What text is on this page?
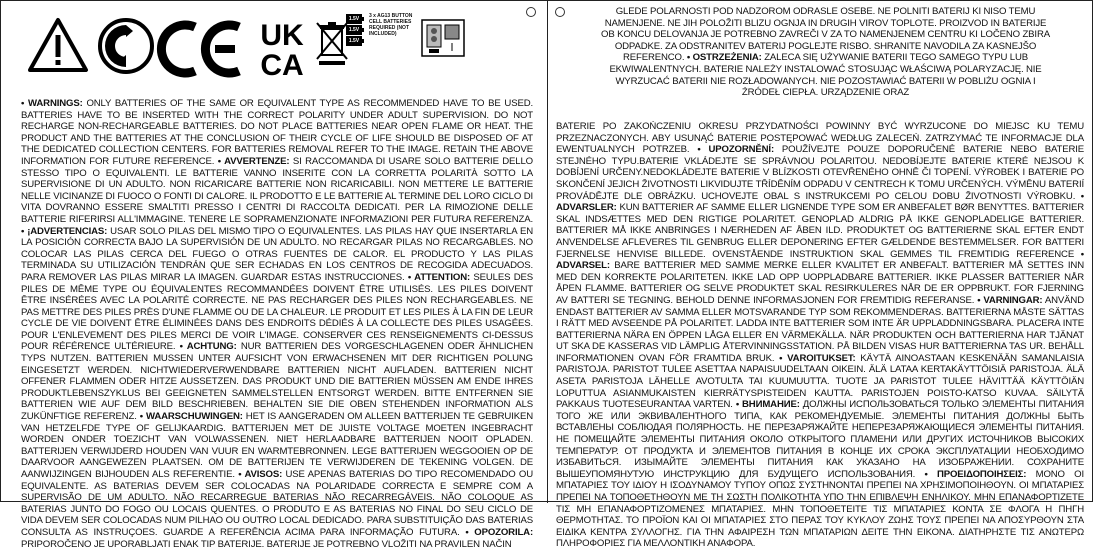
UK
CA
1.5V
1.5V
1.5V
3 x AG13 BUTTON CELL BATTERIES REQUIRED (NOT INCLUDED)
• WARNINGS: ONLY BATTERIES OF THE SAME OR EQUIVALENT TYPE AS RECOMMENDED HAVE TO BE USED. BATTERIES HAVE TO BE INSERTED WITH THE CORRECT POLARITY UNDER ADULT SUPERVISION. DO NOT RECHARGE NON-RECHARGEABLE BATTERIES. DO NOT PLACE BATTERIES NEAR OPEN FLAME OR HEAT. THE PRODUCT AND THE BATTERIES AT THE CONCLUSION OF THEIR CYCLE OF LIFE SHOULD BE DISPOSED OF AT THE DEDICATED COLLECTION CENTERS. FOR BATTERIES REMOVAL REFER TO THE IMAGE. RETAIN THE ABOVE INFORMATION FOR FUTURE REFERENCE. • AVVERTENZE: SI RACCOMANDA DI USARE SOLO BATTERIE DELLO STESSO TIPO O EQUIVALENTI. LE BATTERIE VANNO INSERITE CON LA CORRETTA POLARITÀ SOTTO LA SUPERVISIONE DI UN ADULTO. NON RICARICARE BATTERIE NON RICARICABILI. NON METTERE LE BATTERIE NELLE VICINANZE DI FUOCO O FONTI DI CALORE. IL PRODOTTO E LE BATTERIE AL TERMINE DEL LORO CICLO DI VITA DOVRANNO ESSERE SMALTITI PRESSO I CENTRI DI RACCOLTA DEDICATI. PER LA RIMOZIONE DELLE BATTERIE RIFERIRSI ALL'IMMAGINE. TENERE LE SOPRAMENZIONATE INFORMAZIONI PER FUTURA REFERENZA. • ¡ADVERTENCIAS: USAR SOLO PILAS DEL MISMO TIPO O EQUIVALENTES. LAS PILAS HAY QUE INSERTARLA EN LA POSICIÓN CORRECTA BAJO LA SUPERVISIÓN DE UN ADULTO. NO RECARGAR PILAS NO RECARGABLES. NO COLOCAR LAS PILAS CERCA DEL FUEGO O OTRAS FUENTES DE CALOR. EL PRODUCTO Y LAS PILAS TERMINADA SU UTILIZACIÓN TENDRÁN QUE SER ECHADAS EN LOS CENTROS DE RECOGIDA ADECUADOS. PARA REMOVER LAS PILAS MIRAR LA IMAGEN. GUARDAR ESTAS INSTRUCCIONES. • ATTENTION: SEULES DES PILES DE MÊME TYPE OU ÉQUIVALENTES RECOMMANDÉES DOIVENT ÊTRE UTILISÉS. LES PILES DOIVENT ÊTRE INSÉRÉES AVEC LA POLARITÉ CORRECTE. NE PAS RECHARGER DES PILES NON RECHARGEABLES. NE PAS METTRE DES PILES PRÈS D'UNE FLAMME OU DE LA CHALEUR. LE PRODUIT ET LES PILES À LA FIN DE LEUR CYCLE DE VIE DOIVENT ÊTRE ÉLIMINÉES DANS DES ENDROITS DÉDIÉS À LA COLLECTE DES PILES USAGÉES. POUR L'ENLEVEMENT DES PILES MERCI DE VOIR L'IMAGE. CONSERVER CES RENSEIGNEMENTS CI-DESSUS POUR RÉFÉRENCE ULTÉRIEURE. • ACHTUNG: NUR BATTERIEN DES VORGESCHLAGENEN ODER ÄHNLICHEN TYPS NUTZEN. BATTERIEN MUSSEN UNTER AUFSICHT VON ERWACHSENEN MIT DER RICHTIGEN POLUNG EINGESETZT WERDEN. NICHTWIEDERVERWENDBARE BATTERIEN NICHT AUFLADEN. BATTERIEN NICHT OFFENER FLAMMEN ODER HITZE AUSSETZEN. DAS PRODUKT UND DIE BATTERIEN MÜSSEN AM ENDE IHRES PRODUKTLEBENSZYKLUS BEI GEEIGNETEN SAMMELSTELLEN ENTSORGT WERDEN. BITTE ENTFERNEN SIE BATTERIEN WIE AUF DEM BILD BESCHRIEBEN. BEHALTEN SIE DIE OBEN STEHENDEN INFORMATION ALS ZUKÜNFTIGE REFERENZ. • WAARSCHUWINGEN: HET IS AANGERADEN OM ALLEEN BATTERIJEN TE GEBRUIKEN VAN HETZELFDE TYPE OF GELIJKAARDIG. BATTERIJEN MET DE JUISTE VOLTAGE MOETEN INGEBRACHT WORDEN ONDER TOEZICHT VAN VOLWASSENEN. NIET HERLAADBARE BATTERIJEN NOOIT OPLADEN. BATTERIJEN VERWIJDERD HOUDEN VAN VUUR EN WARMTEBRONNEN. LEGE BATTERIJEN WEGGOOIEN OP DE DAARVOOR AANGEWEZEN PLAATSEN. OM DE BATTERIJEN TE VERWIJDEREN DE TEKENING VOLGEN. DE AANWIJZINGEN BIJHOUDEN ALS REFERENTIE. • AVISOS: USE APENAS BATERIAS DO TIPO RECOMENDADO OU EQUIVALENTE. AS BATERIAS DEVEM SER COLOCADAS NA POLARIDADE CORRECTA E SEMPRE COM A SUPERVISÃO DE UM ADULTO. NÃO RECARREGUE BATERIAS NÃO RECARREGÁVEIS. NÃO COLOQUE AS BATERIAS JUNTO DO FOGO OU LOCAIS QUENTES. O PRODUTO E AS BATERIAS NO FINAL DO SEU CICLO DE VIDA DEVEM SER COLOCADAS NUM PILHAO OU OUTRO LOCAL DEDICADO. PARA SUBSTITUIÇÃO DAS BATERIAS CONSULTA AS INSTRUÇOES. GUARDE A REFERÊNCIA ACIMA PARA INFORMAÇÃO FUTURA. • OPOZORILA: PRIPOROČENO JE UPORABLJATI ENAK TIP BATERIJE. BATERIJE JE POTREBNO VLOŽITI NA PRAVILEN NAČIN
GLEDE POLARNOSTI POD NADZOROM ODRASLE OSEBE. NE POLNITI BATERIJ KI NISO TEMU NAMENJENE. NE JIH POLOŽITI BLIZU OGNJA IN DRUGIH VIROV TOPLOTE. PROIZVOD IN BATERIJE OB KONCU DELOVANJA JE POTREBNO ZAVREČI V ZA TO NAMENJENEM CENTRU KI LOČENO ZBIRA ODPADKE. ZA ODSTRANITEV BATERIJ POGLEJTE RISBO. SHRANITE NAVODILA ZA KASNEJŠO REFERENCO. • OSTRZEŻENIA: ZALECA SIĘ UŻYWANIE BATERII TEGO SAMEGO TYPU LUB EKWIWALENTNYCH. BATERIE NALEŻY INSTALOWAĆ STOSUJĄC WŁAŚCIWĄ POLARYZACJĘ. NIE WYRZUCAĆ BATERII NIE ROZŁADOWANYCH. NIE POZOSTAWIAĆ BATERII W POBLIŻU OGNIA I ŹRÓDEŁ CIEPŁA. URZĄDZENIE ORAZ
BATERIE PO ZAKOŃCZENIU OKRESU PRZYDATNOŚCI POWINNY BYĆ WYRZUCONE DO MIEJSC KU TEMU PRZEZNACZONYCH. ABY USUNĄĆ BATERIE POSTĘPOWAĆ WEDŁUG ZALECEŃ. ZATRZYMAĆ TE INFORMACJE DLA EWENTUALNYCH POTRZEB. • UPOZORNĚNÍ: POUŽÍVEJTE POUZE DOPORUČENÉ BATERIE NEBO BATERIE STEJNÉHO TYPU.BATERIE VKLÁDEJTE SE SPRÁVNOU POLARITOU. NEDOBÍJEJTE BATERIE KTERÉ NEJSOU K DOBÍJENÍ URČENY.NEDOKLÁDEJTE BATERIE V BLÍZKOSTI OTEVŘENÉHO OHNĚ ČI TOPENÍ. VÝROBEK I BATERIE PO SKONČENÍ JEJICH ŽIVOTNOSTI LIKVIDUJTE TŘÍDĚNÍM ODPADU V CENTRECH K TOMU URČENÝCH. VÝMĚNU BATERIÍ PROVÁDĚJTE DLE OBRÁZKU. UCHOVEJTE OBAL S INSTRUKCEMI PO CELOU DOBU ŽIVOTNOSTI VÝROBKU. • ADVARSLER: KUN BATTERIER AF SAMME ELLER LIGNENDE TYPE SOM ER ANBEFALET BØR BENYTTES. BATTERIER SKAL INDSÆTTES MED DEN RIGTIGE POLARITET. GENOPLAD ALDRIG PÅ IKKE GENOPLADELIGE BATTERIER. BATTERIER MÅ IKKE ANBRINGES I NÆRHEDEN AF ÅBEN ILD. PRODUKTET OG BATTERIERNE SKAL EFTER ENDT ANVENDELSE AFLEVERES TIL GENBRUG ELLER DEPONERING EFTER GÆLDENDE BESTEMMELSER. FOR BATTERI FJERNELSE HENVISE BILLEDE. OVENSTÅENDE INSTRUKTION SKAL GEMMES TIL FREMTIDIG REFERENCE • ADVARSEL: BARE BATTERIER MED SAMME MERKE ELLER KVALITET ER ANBEFALT. BATTERIER MÅ SETTES INN MED DEN KORREKTE POLARITETEN. IKKE LAD OPP UOPPLADBARE BATTERIER. IKKE PLASSER BATTERIER NÅR ÅPEN FLAMME. BATTERIER OG SELVE PRODUKTET SKAL RESIRKULERES NÅR DE ER OPPBRUKT. FOR FJERNING AV BATTERI SE TEGNING. BEHOLD DENNE INFORMASJONEN FOR FREMTIDIG REFERANSE. • VARNINGAR: ANVÄND ENDAST BATTERIER AV SAMMA ELLER MOTSVARANDE TYP SOM REKOMMENDERAS. BATTERIERNA MÅSTE SÄTTAS I RÄTT MED AVSEENDE PÅ POLARITET. LADDA INTE BATTERIER SOM INTE ÄR UPPLADDNINGSBARA. PLACERA INTE BATTERIERNA NÄRA EN ÖPPEN LÅGA ELLER EN VÄRMEKÄLLA. NÄR PRODUKTEN OCH BATTERIERNA HAR TJÄNAT UT SKA DE KASSERAS VID LÄMPLIG ÅTERVINNINGSSTATION. PÅ BILDEN VISAS HUR BATTERIERNA TAS UR. BEHÅLL INFORMATIONEN OVAN FÖR FRAMTIDA BRUK. • VAROITUKSET: KÄYTÄ AINOASTAAN KESKENÄÄN SAMANLAISIA PARISTOJA. PARISTOT TULEE ASETTAA NAPAISUUDELTAAN OIKEIN. ÄLÄ LATAA KERTAKÄYTTÖISIÄ PARISTOJA. ÄLÄ ASETA PARISTOJA LÄHELLE AVOTULTA TAI KUUMUUTTA. TUOTE JA PARISTOT TULEE HÄVITTÄÄ KÄYTTÖIÄN LOPUTTUA ASIANMUKAISTEN KIERRÄTYSPISTEIDEN KAUTTA. PARISTOJEN POISTO-KATSO KUVAA. SÄILYTÄ PAKKAUS TUOTESEURANTAA VARTEN. • ВНИМАНИЕ: ДОЛЖНЫ ИСПОЛЬЗОВАТЬСЯ ТОЛЬКО ЭЛЕМЕНТЫ ПИТАНИЯ ТОГО ЖЕ ИЛИ ЭКВИВАЛЕНТНОГО ТИПА, КАК РЕКОМЕНДУЕМЫЕ. ЭЛЕМЕНТЫ ПИТАНИЯ ДОЛЖНЫ БЫТЬ ВСТАВЛЕНЫ СОБЛЮДАЯ ПОЛЯРНОСТЬ. НЕ ПЕРЕЗАРЯЖАЙТЕ НЕПЕРЕЗАРЯЖАЮЩИЕСЯ ЭЛЕМЕНТЫ ПИТАНИЯ. НЕ ПОМЕЩАЙТЕ ЭЛЕМЕНТЫ ПИТАНИЯ ОКОЛО ОТКРЫТОГО ПЛАМЕНИ ИЛИ ДРУГИХ ИСТОЧНИКОВ ВЫСОКИХ ТЕМПЕРАТУР. ОТ ПРОДУКТА И ЭЛЕМЕНТОВ ПИТАНИЯ В КОНЦЕ ИХ СРОКА ЭКСПЛУАТАЦИИ НЕОБХОДИМО ИЗБАВИТЬСЯ. ИЗЫМАЙТЕ ЭЛЕМЕНТЫ ПИТАНИЯ КАК УКАЗАНО НА ИЗОБРАЖЕНИИ. СОХРАНИТЕ ВЫШЕУПОМЯНУТУЮ ИНСТРУКЦИЮ ДЛЯ БУДУЩЕГО ИСПОЛЬЗОВАНИЯ. • ΠΡΟΕΙΔΟΠΟΙΗΣΕΙΣ: ΜΟΝΟ ΟΙ ΜΠΑΤΑΡΙΕΣ ΤΟΥ ΙΔΙΟΥ Η ΙΣΟΔΥΝΑΜΟΥ ΤΥΠΟΥ ΟΠΩΣ ΣΥΣΤΗΝΟΝΤΑΙ ΠΡΕΠΕΙ ΝΑ ΧΡΗΣΙΜΟΠΟΙΗΘΟΥΝ. ΟΙ ΜΠΑΤΑΡΙΕΣ ΠΡΕΠΕΙ ΝΑ ΤΟΠΟΘΕΤΗΘΟΥΝ ΜΕ ΤΗ ΣΩΣΤΗ ΠΟΛΙΚΟΤΗΤΑ ΥΠΟ ΤΗΝ ΕΠΙΒΛΕΨΗ ΕΝΗΛΙΚΟΥ. ΜΗΝ ΕΠΑΝΑΦΟΡΤΙΖΕΤΕ ΤΙΣ ΜΗ ΕΠΑΝΑΦΟΡΤΙΖΟΜΕΝΕΣ ΜΠΑΤΑΡΙΕΣ. ΜΗΝ ΤΟΠΟΘΕΤΕΙΤΕ ΤΙΣ ΜΠΑΤΑΡΙΕΣ ΚΟΝΤΑ ΣΕ ΦΛΟΓΑ Η ΠΗΓΗ ΘΕΡΜΟΤΗΤΑΣ. ΤΟ ΠΡΟΪΟΝ ΚΑΙ ΟΙ ΜΠΑΤΑΡΙΕΣ ΣΤΟ ΠΕΡΑΣ ΤΟΥ ΚΥΚΛΟΥ ΖΩΗΣ ΤΟΥΣ ΠΡΕΠΕΙ ΝΑ ΑΠΟΣΥΡΘΟΥΝ ΣΤΑ ΕΙΔΙΚΑ ΚΕΝΤΡΑ ΣΥΛΛΟΓΗΣ. ΓΙΑ ΤΗΝ ΑΦΑΙΡΕΣΗ ΤΩΝ ΜΠΑΤΑΡΙΩΝ ΔΕΙΤΕ ΤΗΝ ΕΙΚΟΝΑ. ΔΙΑΤΗΡΗΣΤΕ ΤΙΣ ΑΝΩΤΕΡΩ ΠΛΗΡΟΦΟΡΙΕΣ ΓΙΑ ΜΕΛΛΟΝΤΙΚΗ ΑΝΑΦΟΡΑ.
